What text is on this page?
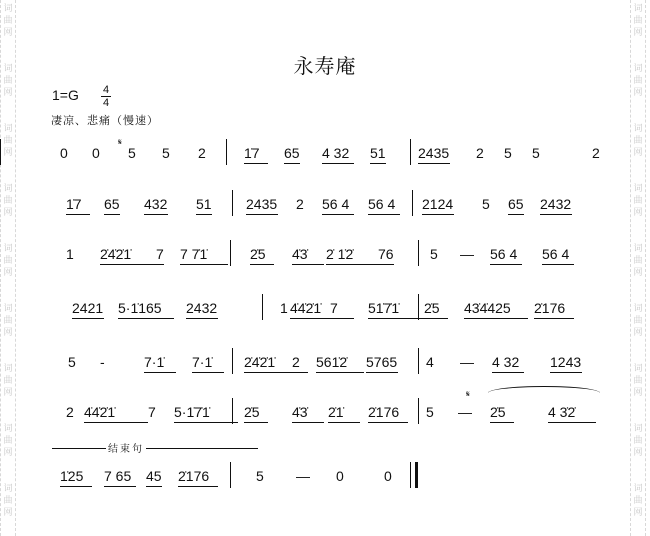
词
曲
网
词
曲
网
词
曲
网
词
曲
网
词
曲
网
词
曲
网
词
曲
网
词
曲
网
词
曲
网
词
曲
网
词
曲
网
词
曲
网
词
曲
网
词
曲
网
词
曲
网
词
曲
网
词
曲
网
词
曲
网
永寿庵
1=G 4
4
凄凉、悲痛（慢速）
0 0 5 5 2	1̇7 65 4 32 51 2435 2 5 5	2
1̇7 65 432 51 2435 2 56 4 56 4 2124 5 65 2432
1 2̇4̇2̇1̇ 7 7 7̇1̇	2̇5 4̇3̇ 2̇ 1̇2̇ 76	5 — 56 4 56 4
2421 5·1̇165 2432	1 4̇4̇2̇1̇ 7 51̇7̇1̇ 2̇5 43̇4̇425 2̇176
5 -	7·1̇ 7·1̇ 2̇4̇2̇1̇ 2 561̇2̇ 5765 4 — 4 32 1243
2 4̇4̇2̇1̇ 7 5·1̇7̇1̇ 2̇5 4̇3̇ 2̇1̇ 2̇176 5 — 2̇5	4 3̇2̇
1̇25 7 65 45 2̇176	5 — 0	0
𝄋
𝄋
结束句
